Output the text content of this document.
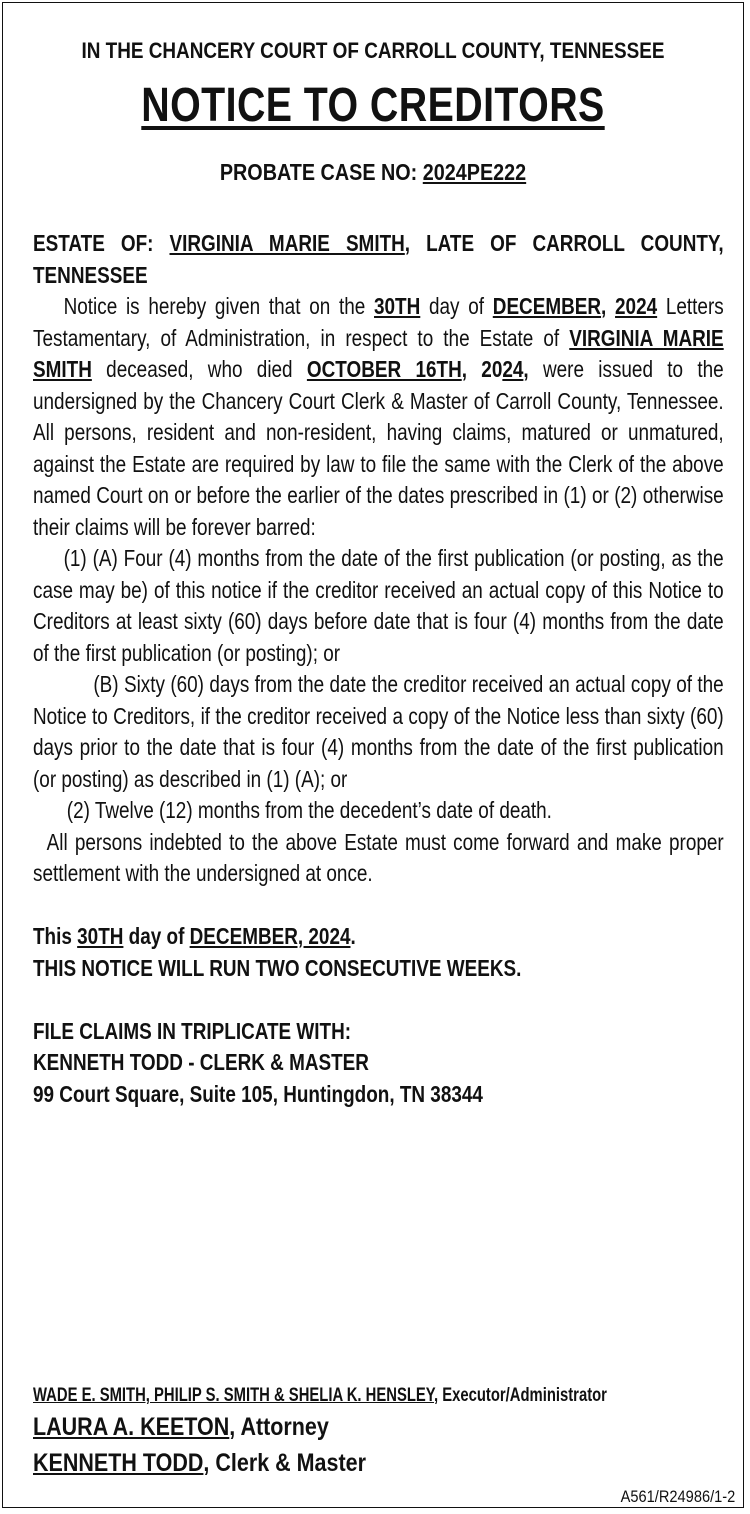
IN THE CHANCERY COURT OF CARROLL COUNTY, TENNESSEE
NOTICE TO CREDITORS
PROBATE CASE NO: 2024PE222

ESTATE OF: VIRGINIA MARIE SMITH, LATE OF CARROLL COUNTY, TENNESSEE

Notice is hereby given that on the 30TH day of DECEMBER, 2024 Letters Testamentary, of Administration, in respect to the Estate of VIRGINIA MARIE SMITH deceased, who died OCTOBER 16TH, 2024, were issued to the undersigned by the Chancery Court Clerk & Master of Carroll County, Tennessee. All persons, resident and non-resident, having claims, matured or unmatured, against the Estate are required by law to file the same with the Clerk of the above named Court on or before the earlier of the dates prescribed in (1) or (2) otherwise their claims will be forever barred:

(1) (A) Four (4) months from the date of the first publication (or posting, as the case may be) of this notice if the creditor received an actual copy of this Notice to Creditors at least sixty (60) days before date that is four (4) months from the date of the first publication (or posting); or

(B) Sixty (60) days from the date the creditor received an actual copy of the Notice to Creditors, if the creditor received a copy of the Notice less than sixty (60) days prior to the date that is four (4) months from the date of the first publication (or posting) as described in (1) (A); or

(2) Twelve (12) months from the decedent’s date of death.

All persons indebted to the above Estate must come forward and make proper settlement with the undersigned at once.

This 30TH day of DECEMBER, 2024.

THIS NOTICE WILL RUN TWO CONSECUTIVE WEEKS.

FILE CLAIMS IN TRIPLICATE WITH:

KENNETH TODD - CLERK & MASTER

99 Court Square, Suite 105, Huntingdon, TN 38344

WADE E. SMITH, PHILIP S. SMITH & SHELIA K. HENSLEY, Executor/Administrator
LAURA A. KEETON, Attorney
KENNETH TODD, Clerk & Master
A561/R24986/1-2
